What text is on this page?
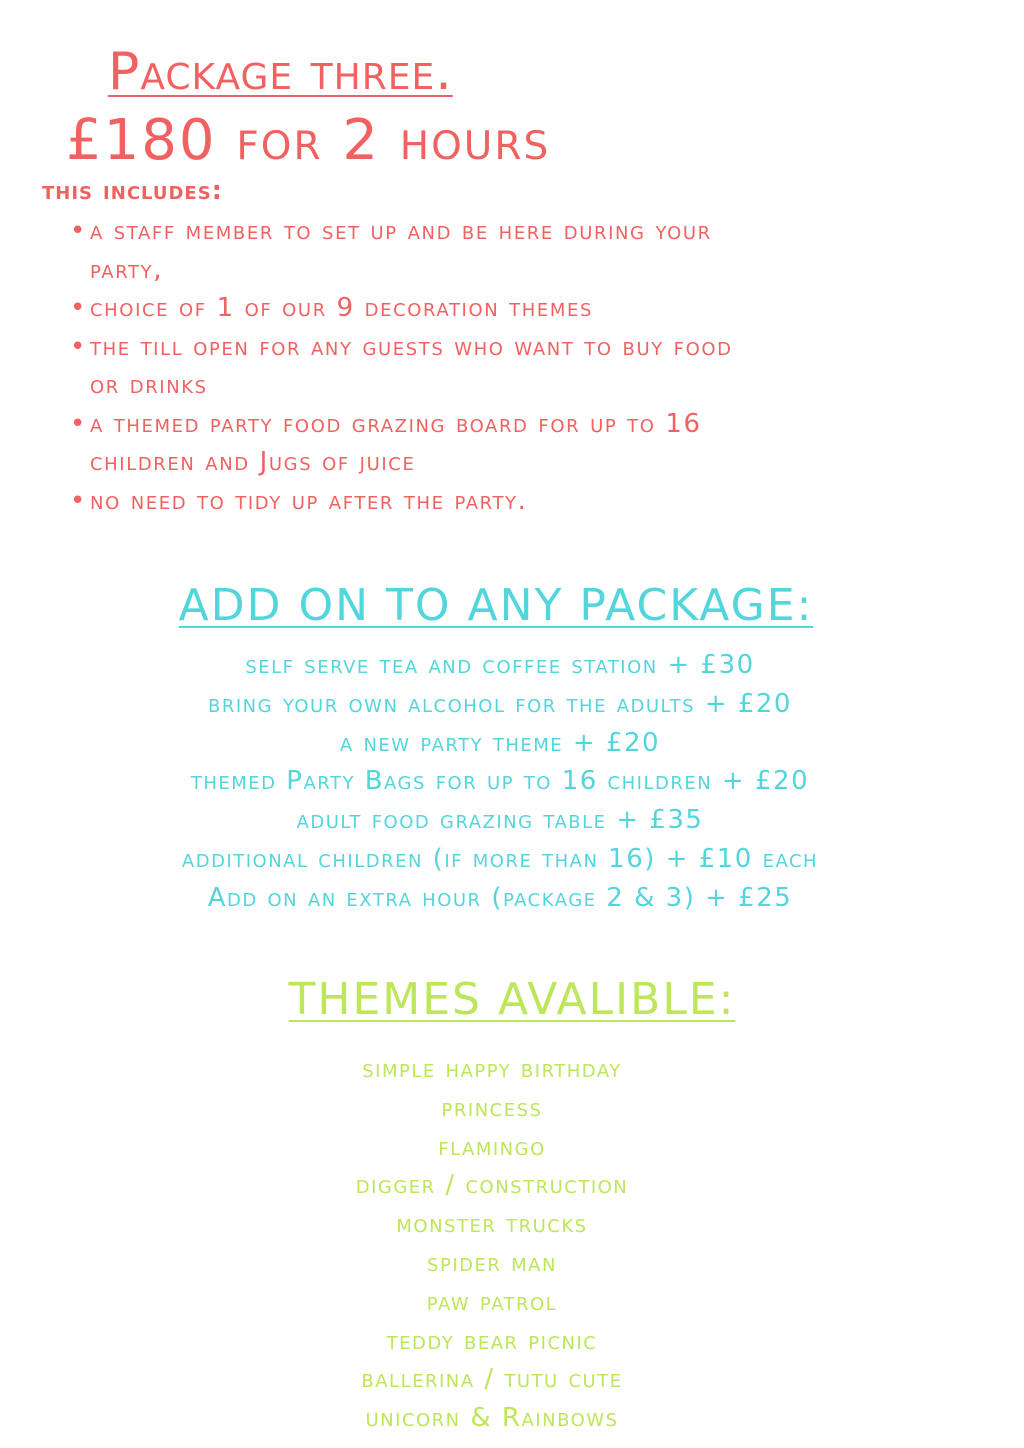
Package three.
£180 for 2 hours

this includes:

• a staff member to set up and be here during your
party,
• choice of 1 of our 9 decoration themes
• the till open for any guests who want to buy food
or drinks
• a themed party food grazing board for up to 16
children and Jugs of juice
• no need to tidy up after the party.
ADD ON TO ANY PACKAGE:
self serve tea and coffee station + £30
bring your own alcohol for the adults + £20
a new party theme + £20
themed Party Bags for up to 16 children + £20
adult food grazing table + £35
additional children (if more than 16) + £10 each
Add on an extra hour (package 2 & 3) + £25
THEMES AVALIBLE:
simple happy birthday
princess
flamingo
digger / construction
monster trucks
spider man
paw patrol
teddy bear picnic
ballerina / tutu cute
unicorn & Rainbows
